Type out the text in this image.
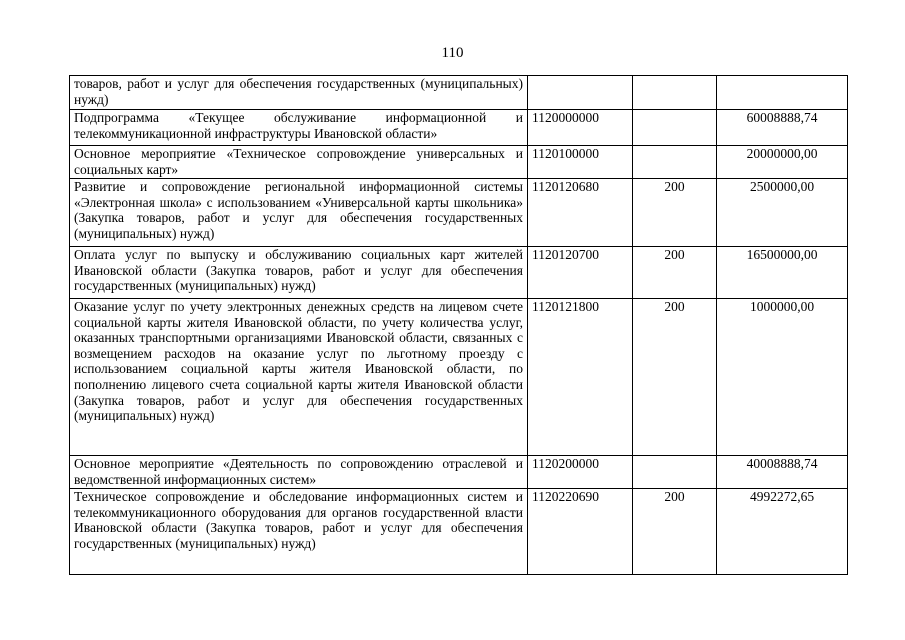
110
товаров, работ и услуг для обеспечения государственных (муниципальных) нужд)			
Подпрограмма «Текущее обслуживание информационной и телекоммуникационной инфраструктуры Ивановской области»	1120000000		60008888,74
Основное мероприятие «Техническое сопровождение универсальных и социальных карт»	1120100000		20000000,00
Развитие и сопровождение региональной информационной системы «Электронная школа» с использованием «Универсальной карты школьника» (Закупка товаров, работ и услуг для обеспечения государственных (муниципальных) нужд)	1120120680	200	2500000,00
Оплата услуг по выпуску и обслуживанию социальных карт жителей Ивановской области (Закупка товаров, работ и услуг для обеспечения государственных (муниципальных) нужд)	1120120700	200	16500000,00
Оказание услуг по учету электронных денежных средств на лицевом счете социальной карты жителя Ивановской области, по учету количества услуг, оказанных транспортными организациями Ивановской области, связанных с возмещением расходов на оказание услуг по льготному проезду с использованием социальной карты жителя Ивановской области, по пополнению лицевого счета социальной карты жителя Ивановской области (Закупка товаров, работ и услуг для обеспечения государственных (муниципальных) нужд)	1120121800	200	1000000,00
Основное мероприятие «Деятельность по сопровождению отраслевой и ведомственной информационных систем»	1120200000		40008888,74
Техническое сопровождение и обследование информационных систем и телекоммуникационного оборудования для органов государственной власти Ивановской области (Закупка товаров, работ и услуг для обеспечения государственных (муниципальных) нужд)	1120220690	200	4992272,65
